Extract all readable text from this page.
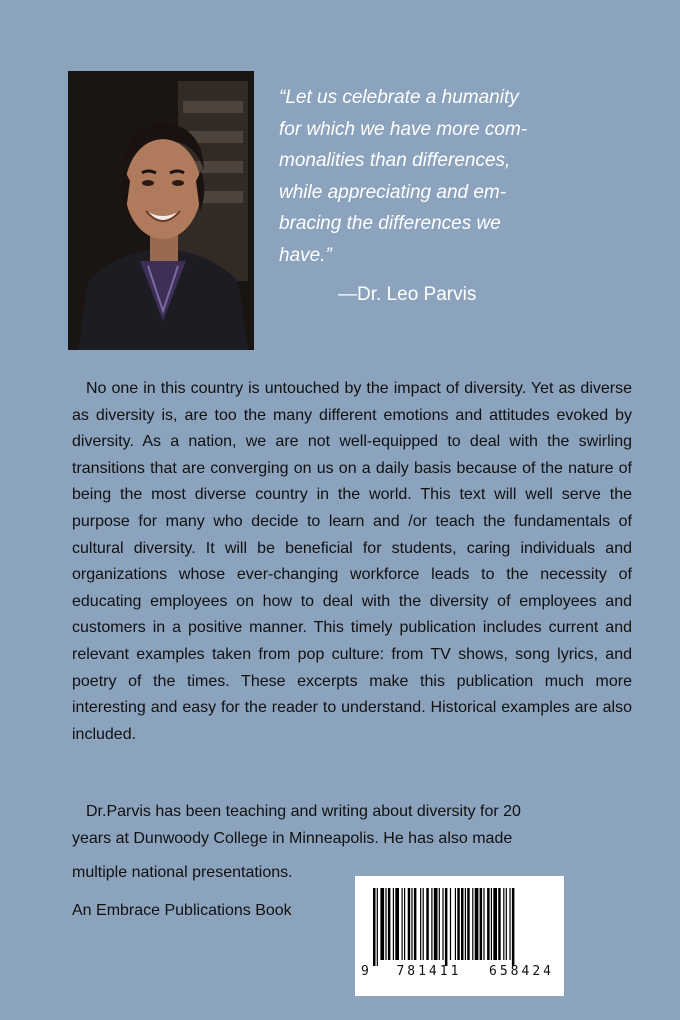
“Let us celebrate a humanity
for which we have more com-
monalities than differences,
while appreciating and em-
bracing the differences we
have.”
—Dr. Leo Parvis

No one in this country is untouched by the impact of diversity. Yet as diverse as diversity is, are too the many different emotions and attitudes evoked by diversity. As a nation, we are not well-equipped to deal with the swirling transitions that are converging on us on a daily basis because of the nature of being the most diverse country in the world. This text will well serve the purpose for many who decide to learn and /or teach the fundamentals of cultural diversity. It will be beneficial for students, caring individuals and organizations whose ever-changing workforce leads to the necessity of educating employees on how to deal with the diversity of employees and customers in a positive manner. This timely publication includes current and relevant examples taken from pop culture: from TV shows, song lyrics, and poetry of the times. These excerpts make this publication much more interesting and easy for the reader to understand. Historical examples are also included.

Dr.Parvis has been teaching and writing about diversity for 20 years at Dunwoody College in Minneapolis. He has also made

multiple national presentations.
An Embrace Publications Book
9 781411 658424
